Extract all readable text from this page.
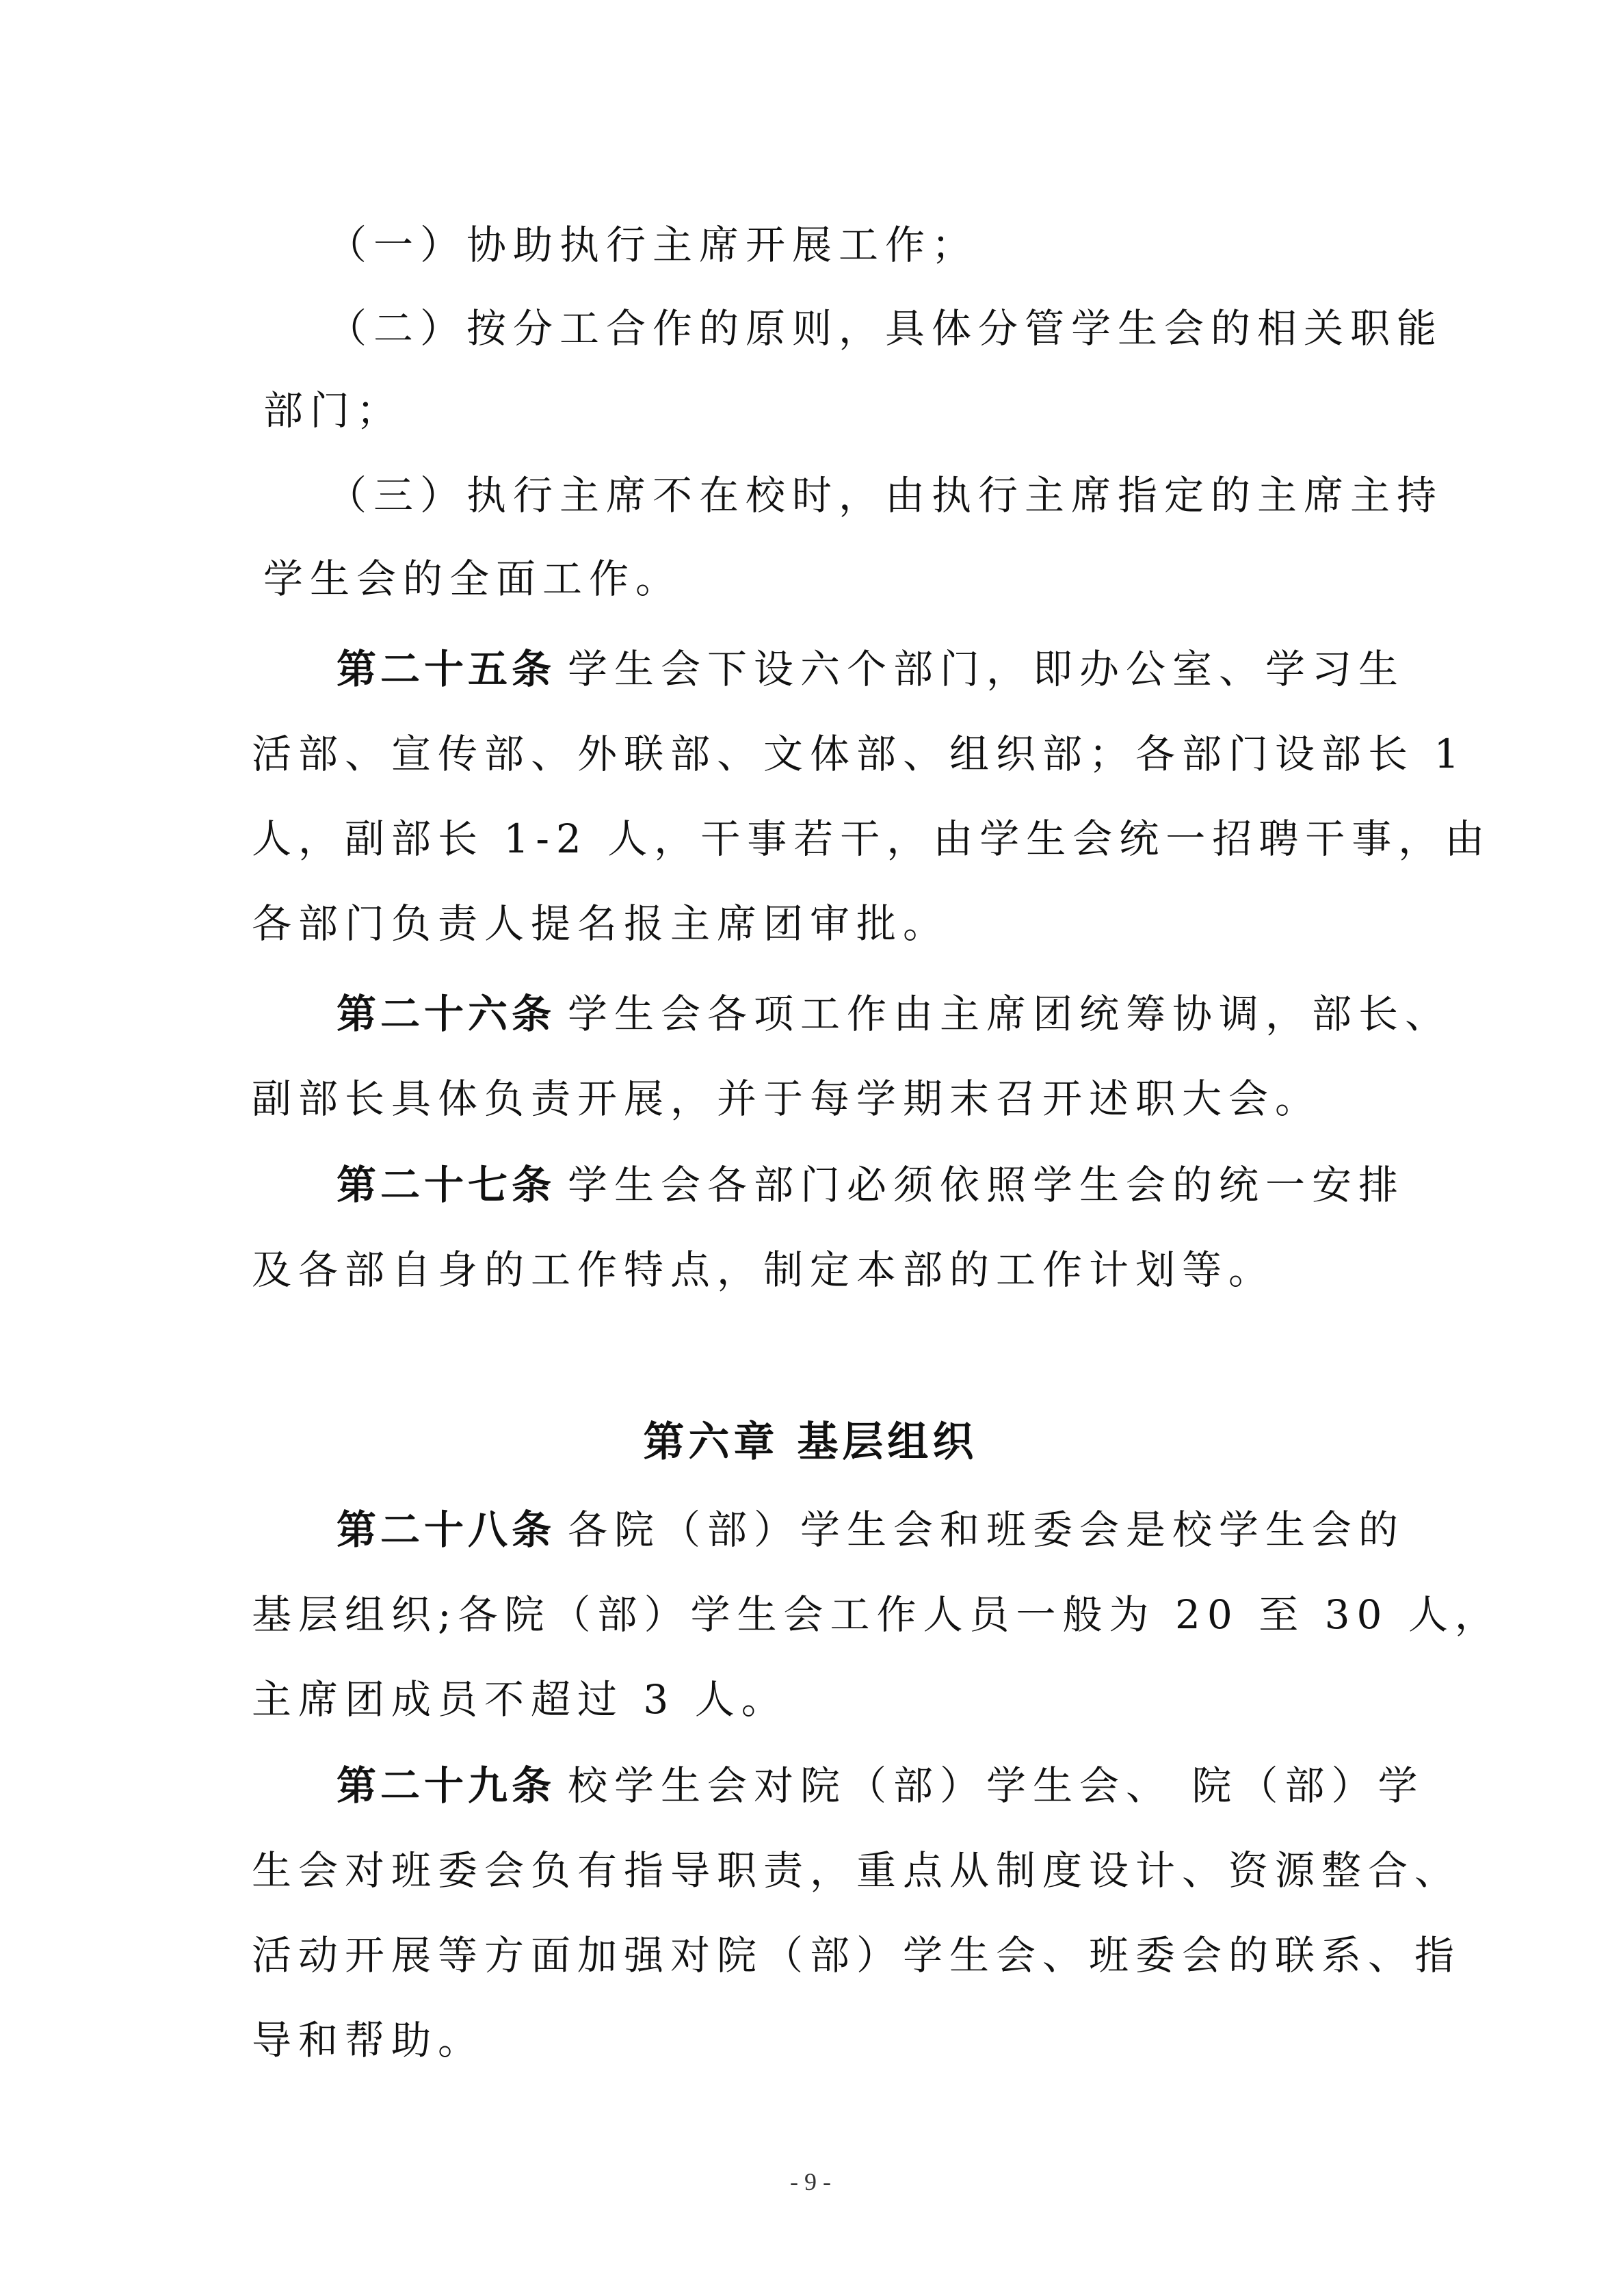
（一）协助执行主席开展工作；
（二）按分工合作的原则，具体分管学生会的相关职能
部门；
（三）执行主席不在校时，由执行主席指定的主席主持
学生会的全面工作。
第二十五条 学生会下设六个部门，即办公室、学习生
活部、宣传部、外联部、文体部、组织部；各部门设部长 1
人，副部长 1-2 人，干事若干，由学生会统一招聘干事，由
各部门负责人提名报主席团审批。
第二十六条 学生会各项工作由主席团统筹协调，部长、
副部长具体负责开展，并于每学期末召开述职大会。
第二十七条 学生会各部门必须依照学生会的统一安排
及各部自身的工作特点，制定本部的工作计划等。
第六章 基层组织
第二十八条 各院（部）学生会和班委会是校学生会的
基层组织;各院（部）学生会工作人员一般为 20 至 30 人，
主席团成员不超过 3 人。
第二十九条 校学生会对院（部）学生会、 院（部）学
生会对班委会负有指导职责，重点从制度设计、资源整合、
活动开展等方面加强对院（部）学生会、班委会的联系、指
导和帮助。
- 9 -
